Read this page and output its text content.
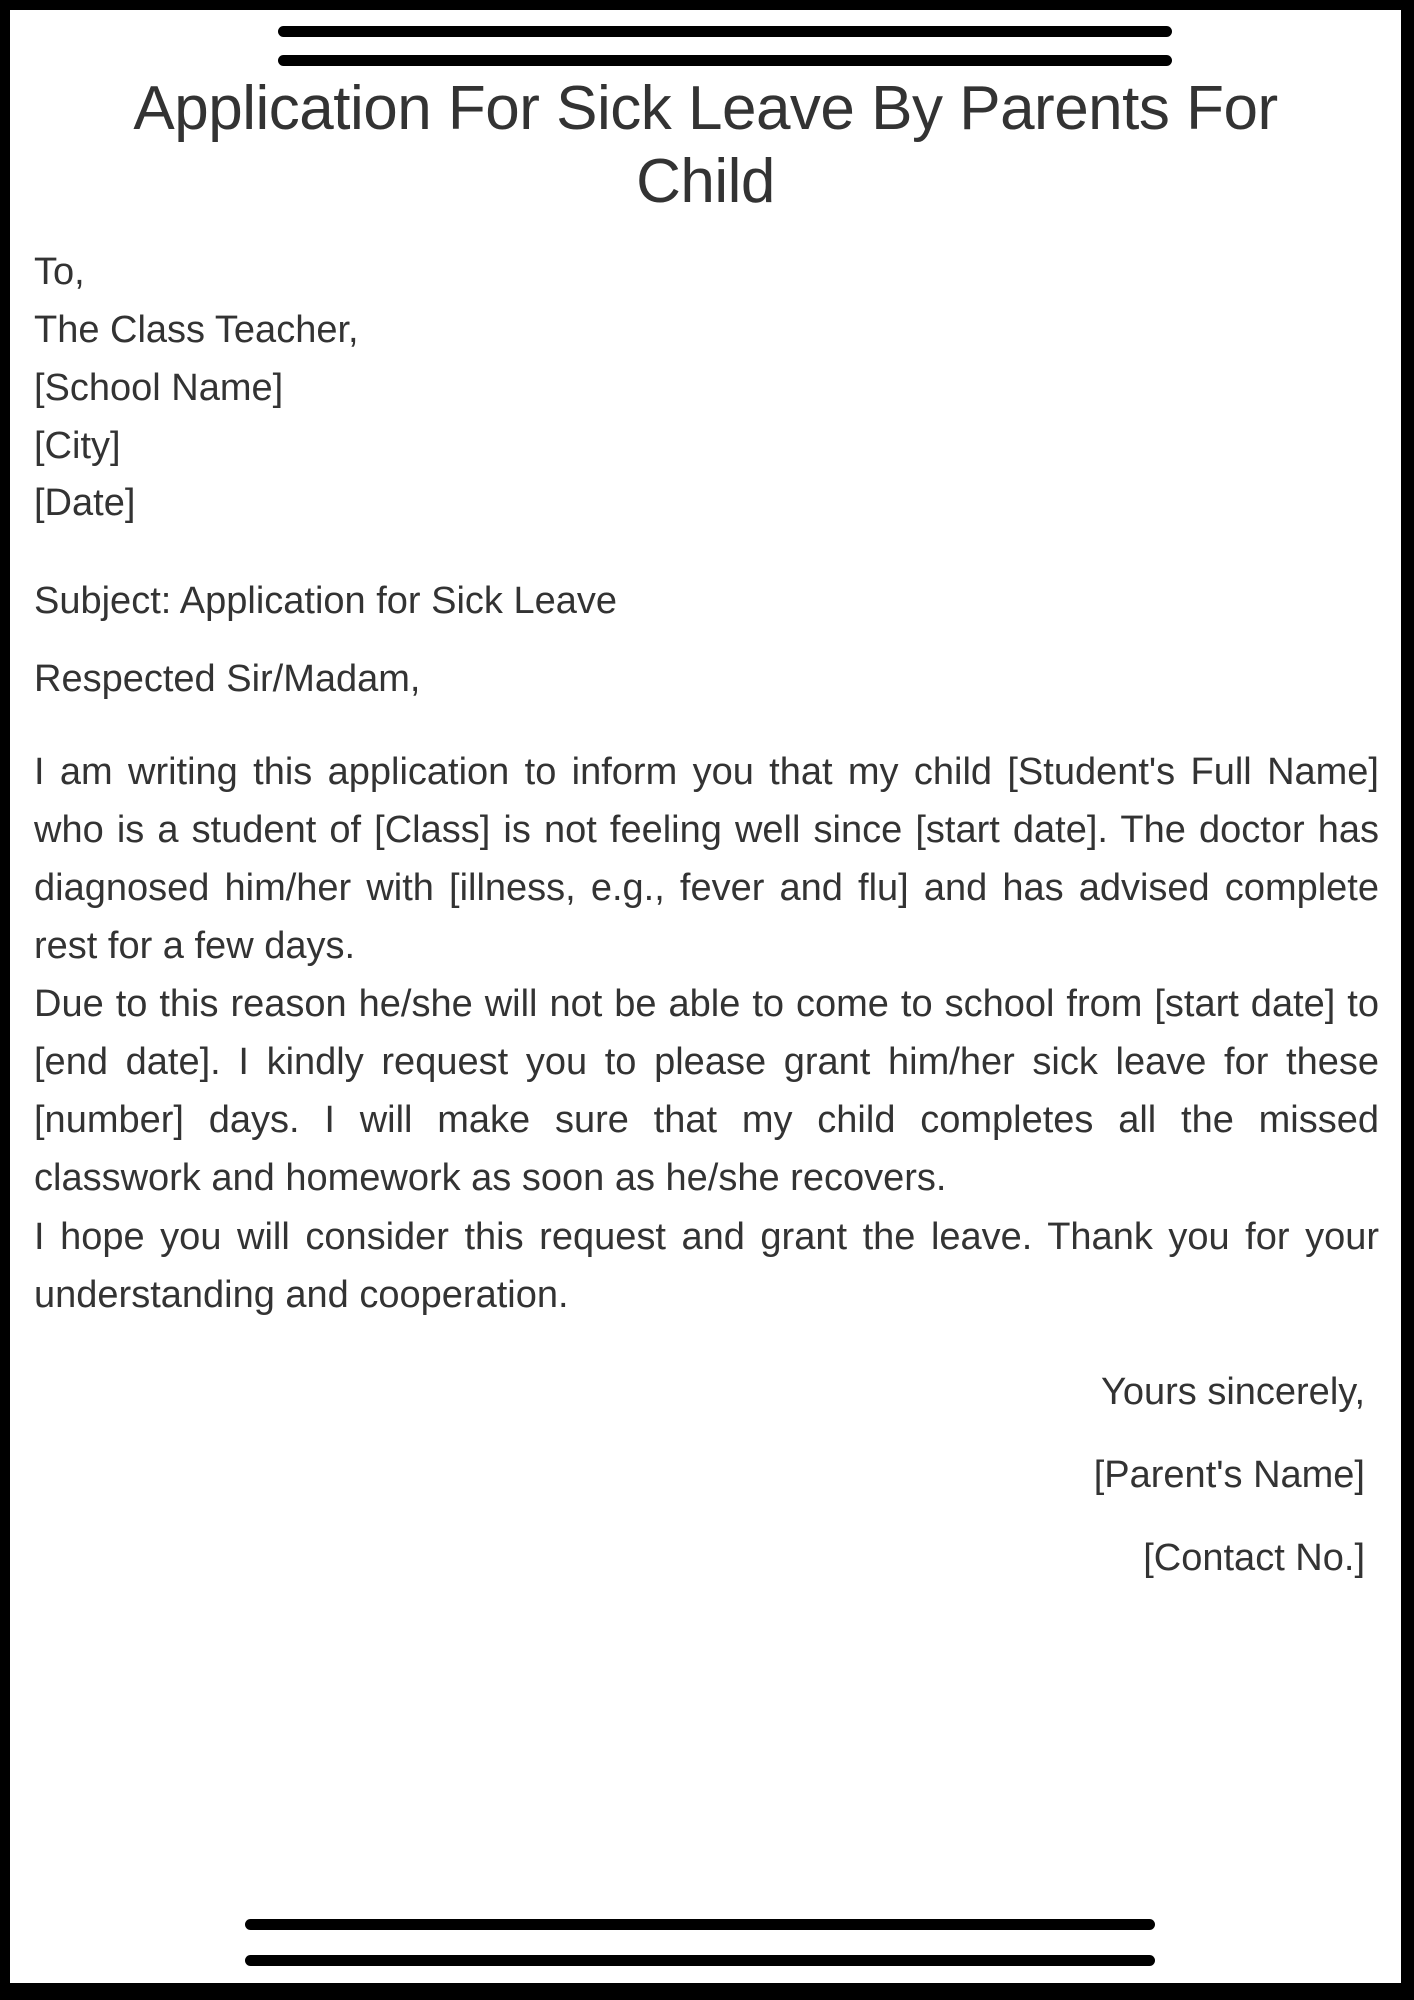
Application For Sick Leave By Parents For Child
To,
The Class Teacher,
[School Name]
[City]
[Date]
Subject: Application for Sick Leave
Respected Sir/Madam,

I am writing this application to inform you that my child [Student's Full Name] who is a student of [Class] is not feeling well since [start date]. The doctor has diagnosed him/her with [illness, e.g., fever and flu] and has advised complete rest for a few days.

Due to this reason he/she will not be able to come to school from [start date] to [end date]. I kindly request you to please grant him/her sick leave for these [number] days. I will make sure that my child completes all the missed classwork and homework as soon as he/she recovers.

I hope you will consider this request and grant the leave. Thank you for your understanding and cooperation.

Yours sincerely,
[Parent's Name]
[Contact No.]
